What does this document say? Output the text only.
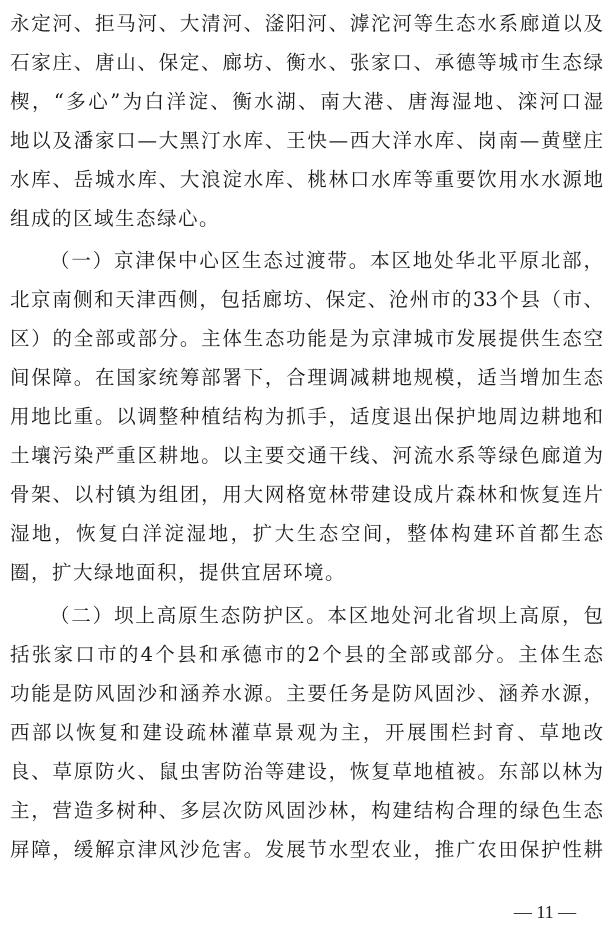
永定河、拒马河、大清河、滏阳河、滹沱河等生态水系廊道以及
石家庄、唐山、保定、廊坊、衡水、张家口、承德等城市生态绿
楔，“多心”为白洋淀、衡水湖、南大港、唐海湿地、滦河口湿
地以及潘家口—大黑汀水库、王快—西大洋水库、岗南—黄壁庄
水库、岳城水库、大浪淀水库、桃林口水库等重要饮用水水源地
组成的区域生态绿心。
（一）京津保中心区生态过渡带。本区地处华北平原北部，
北京南侧和天津西侧，包括廊坊、保定、沧州市的33个县（市、
区）的全部或部分。主体生态功能是为京津城市发展提供生态空
间保障。在国家统筹部署下，合理调减耕地规模，适当增加生态
用地比重。以调整种植结构为抓手，适度退出保护地周边耕地和
土壤污染严重区耕地。以主要交通干线、河流水系等绿色廊道为
骨架、以村镇为组团，用大网格宽林带建设成片森林和恢复连片
湿地，恢复白洋淀湿地，扩大生态空间，整体构建环首都生态
圈，扩大绿地面积，提供宜居环境。
（二）坝上高原生态防护区。本区地处河北省坝上高原，包
括张家口市的4个县和承德市的2个县的全部或部分。主体生态
功能是防风固沙和涵养水源。主要任务是防风固沙、涵养水源，
西部以恢复和建设疏林灌草景观为主，开展围栏封育、草地改
良、草原防火、鼠虫害防治等建设，恢复草地植被。东部以林为
主，营造多树种、多层次防风固沙林，构建结构合理的绿色生态
屏障，缓解京津风沙危害。发展节水型农业，推广农田保护性耕
— 11 —
